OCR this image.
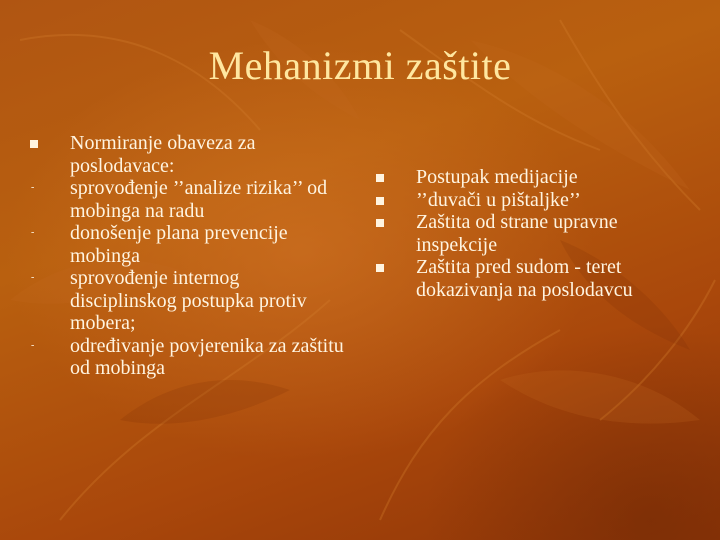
Mehanizmi zaštite
Normiranje obaveza za poslodavace:
- sprovođenje ’’analize rizika’’ od mobinga na radu
- donošenje plana prevencije mobinga
- sprovođenje internog disciplinskog postupka protiv mobera;
- određivanje povjerenika za zaštitu od mobinga
Postupak medijacije
’’duvači u pištaljke’’
Zaštita od strane upravne inspekcije
Zaštita pred sudom - teret dokazivanja na poslodavcu
